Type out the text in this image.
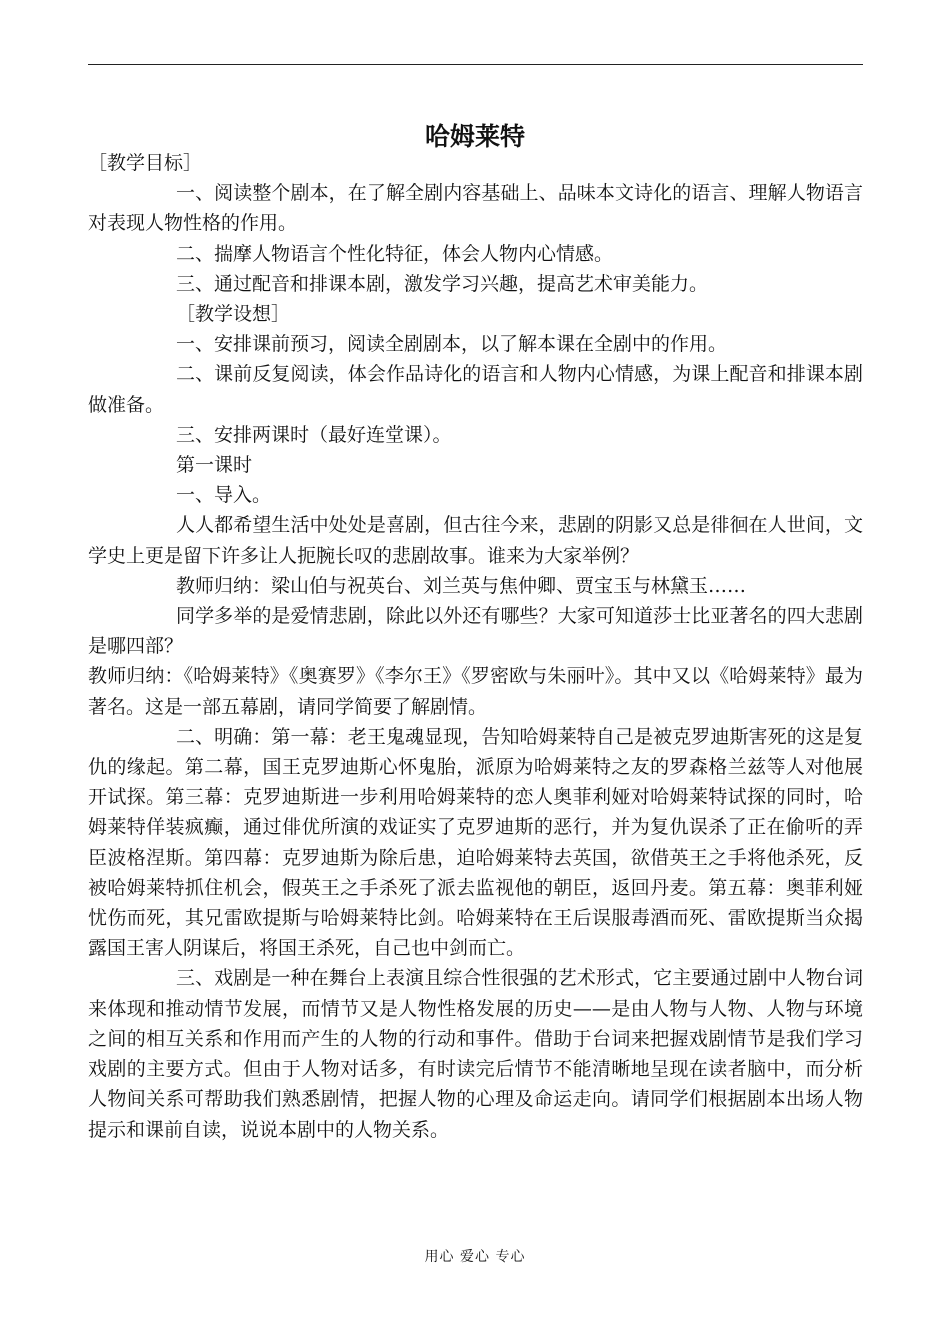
哈姆莱特

［教学目标］

一、阅读整个剧本，在了解全剧内容基础上、品味本文诗化的语言、理解人物语言对表现人物性格的作用。

二、揣摩人物语言个性化特征，体会人物内心情感。

三、通过配音和排课本剧，激发学习兴趣，提高艺术审美能力。

［教学设想］

一、安排课前预习，阅读全剧剧本，以了解本课在全剧中的作用。

二、课前反复阅读，体会作品诗化的语言和人物内心情感，为课上配音和排课本剧做准备。

三、安排两课时（最好连堂课）。

第一课时

一、导入。

人人都希望生活中处处是喜剧，但古往今来，悲剧的阴影又总是徘徊在人世间，文学史上更是留下许多让人扼腕长叹的悲剧故事。谁来为大家举例？

教师归纳：梁山伯与祝英台、刘兰英与焦仲卿、贾宝玉与林黛玉……

同学多举的是爱情悲剧，除此以外还有哪些？大家可知道莎士比亚著名的四大悲剧是哪四部？

教师归纳：《哈姆莱特》《奥赛罗》《李尔王》《罗密欧与朱丽叶》。其中又以《哈姆莱特》最为著名。这是一部五幕剧，请同学简要了解剧情。

二、明确：第一幕：老王鬼魂显现，告知哈姆莱特自己是被克罗迪斯害死的这是复仇的缘起。第二幕，国王克罗迪斯心怀鬼胎，派原为哈姆莱特之友的罗森格兰兹等人对他展开试探。第三幕：克罗迪斯进一步利用哈姆莱特的恋人奥菲利娅对哈姆莱特试探的同时，哈姆莱特佯装疯癫，通过俳优所演的戏证实了克罗迪斯的恶行，并为复仇误杀了正在偷听的弄臣波格涅斯。第四幕：克罗迪斯为除后患，迫哈姆莱特去英国，欲借英王之手将他杀死，反被哈姆莱特抓住机会，假英王之手杀死了派去监视他的朝臣，返回丹麦。第五幕：奥菲利娅忧伤而死，其兄雷欧提斯与哈姆莱特比剑。哈姆莱特在王后误服毒酒而死、雷欧提斯当众揭露国王害人阴谋后，将国王杀死，自己也中剑而亡。

三、戏剧是一种在舞台上表演且综合性很强的艺术形式，它主要通过剧中人物台词来体现和推动情节发展，而情节又是人物性格发展的历史——是由人物与人物、人物与环境之间的相互关系和作用而产生的人物的行动和事件。借助于台词来把握戏剧情节是我们学习戏剧的主要方式。但由于人物对话多，有时读完后情节不能清晰地呈现在读者脑中，而分析人物间关系可帮助我们熟悉剧情，把握人物的心理及命运走向。请同学们根据剧本出场人物提示和课前自读，说说本剧中的人物关系。

用心 爱心 专心
